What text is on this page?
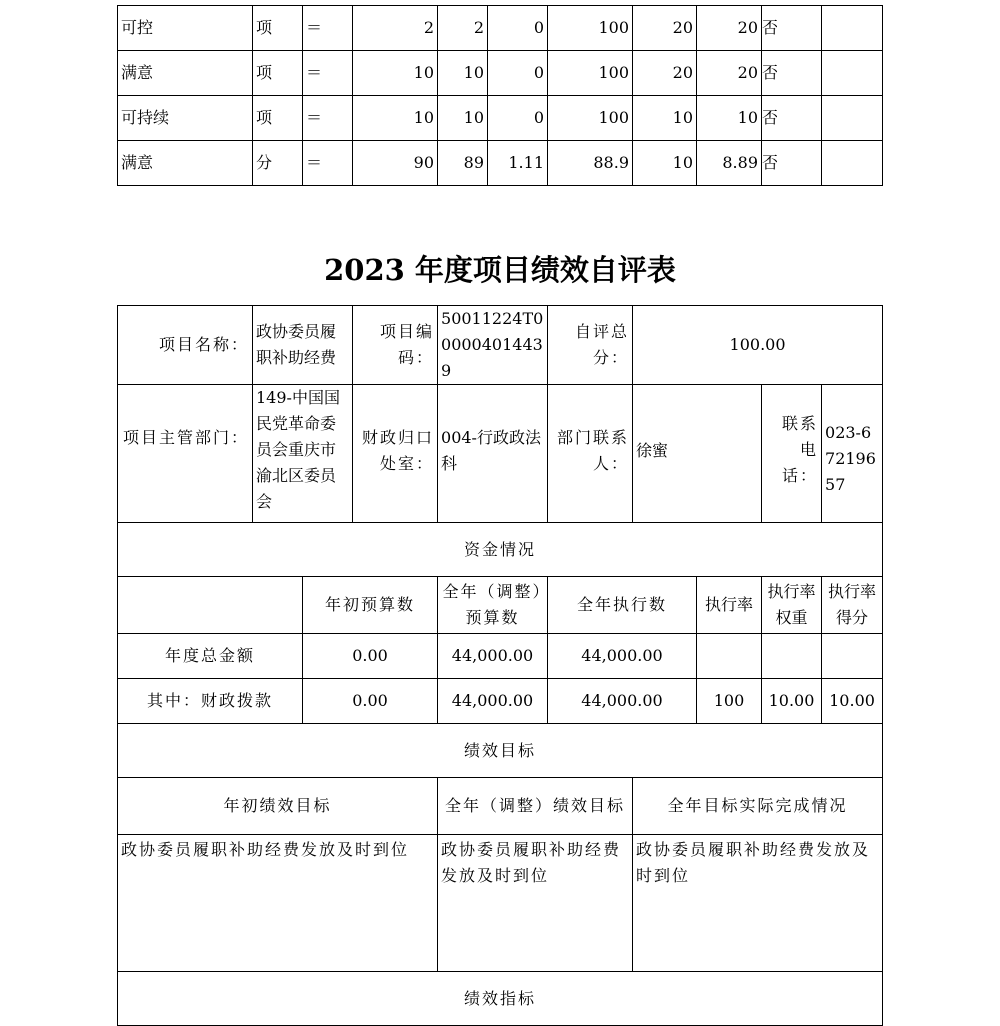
可控	项	＝	2	2	0	100	20	20	否	
满意	项	＝	10	10	0	100	20	20	否	
可持续	项	＝	10	10	0	100	10	10	否	
满意	分	＝	90	89	1.11	88.9	10	8.89	否	
2023 年度项目绩效自评表
项目名称：	政协委员履职补助经费		项目编码：	50011224T000004014439	自评总分：	100.00			
项目主管部门：	149-中国国民党革命委员会重庆市渝北区委员会		财政归口处室：	004-行政政法科	部门联系人：	徐蜜		联系电话：	023-67219657
资金情况									
		年初预算数		全年（调整）预算数	全年执行数		执行率	执行率权重	执行率得分
年度总金额		0.00		44,000.00	44,000.00				
其中：财政拨款		0.00		44,000.00	44,000.00		100	10.00	10.00
绩效目标									
年初绩效目标				全年（调整）绩效目标		全年目标实际完成情况			
政协委员履职补助经费发放及时到位				政协委员履职补助经费发放及时到位		政协委员履职补助经费发放及时到位			
绩效指标									
